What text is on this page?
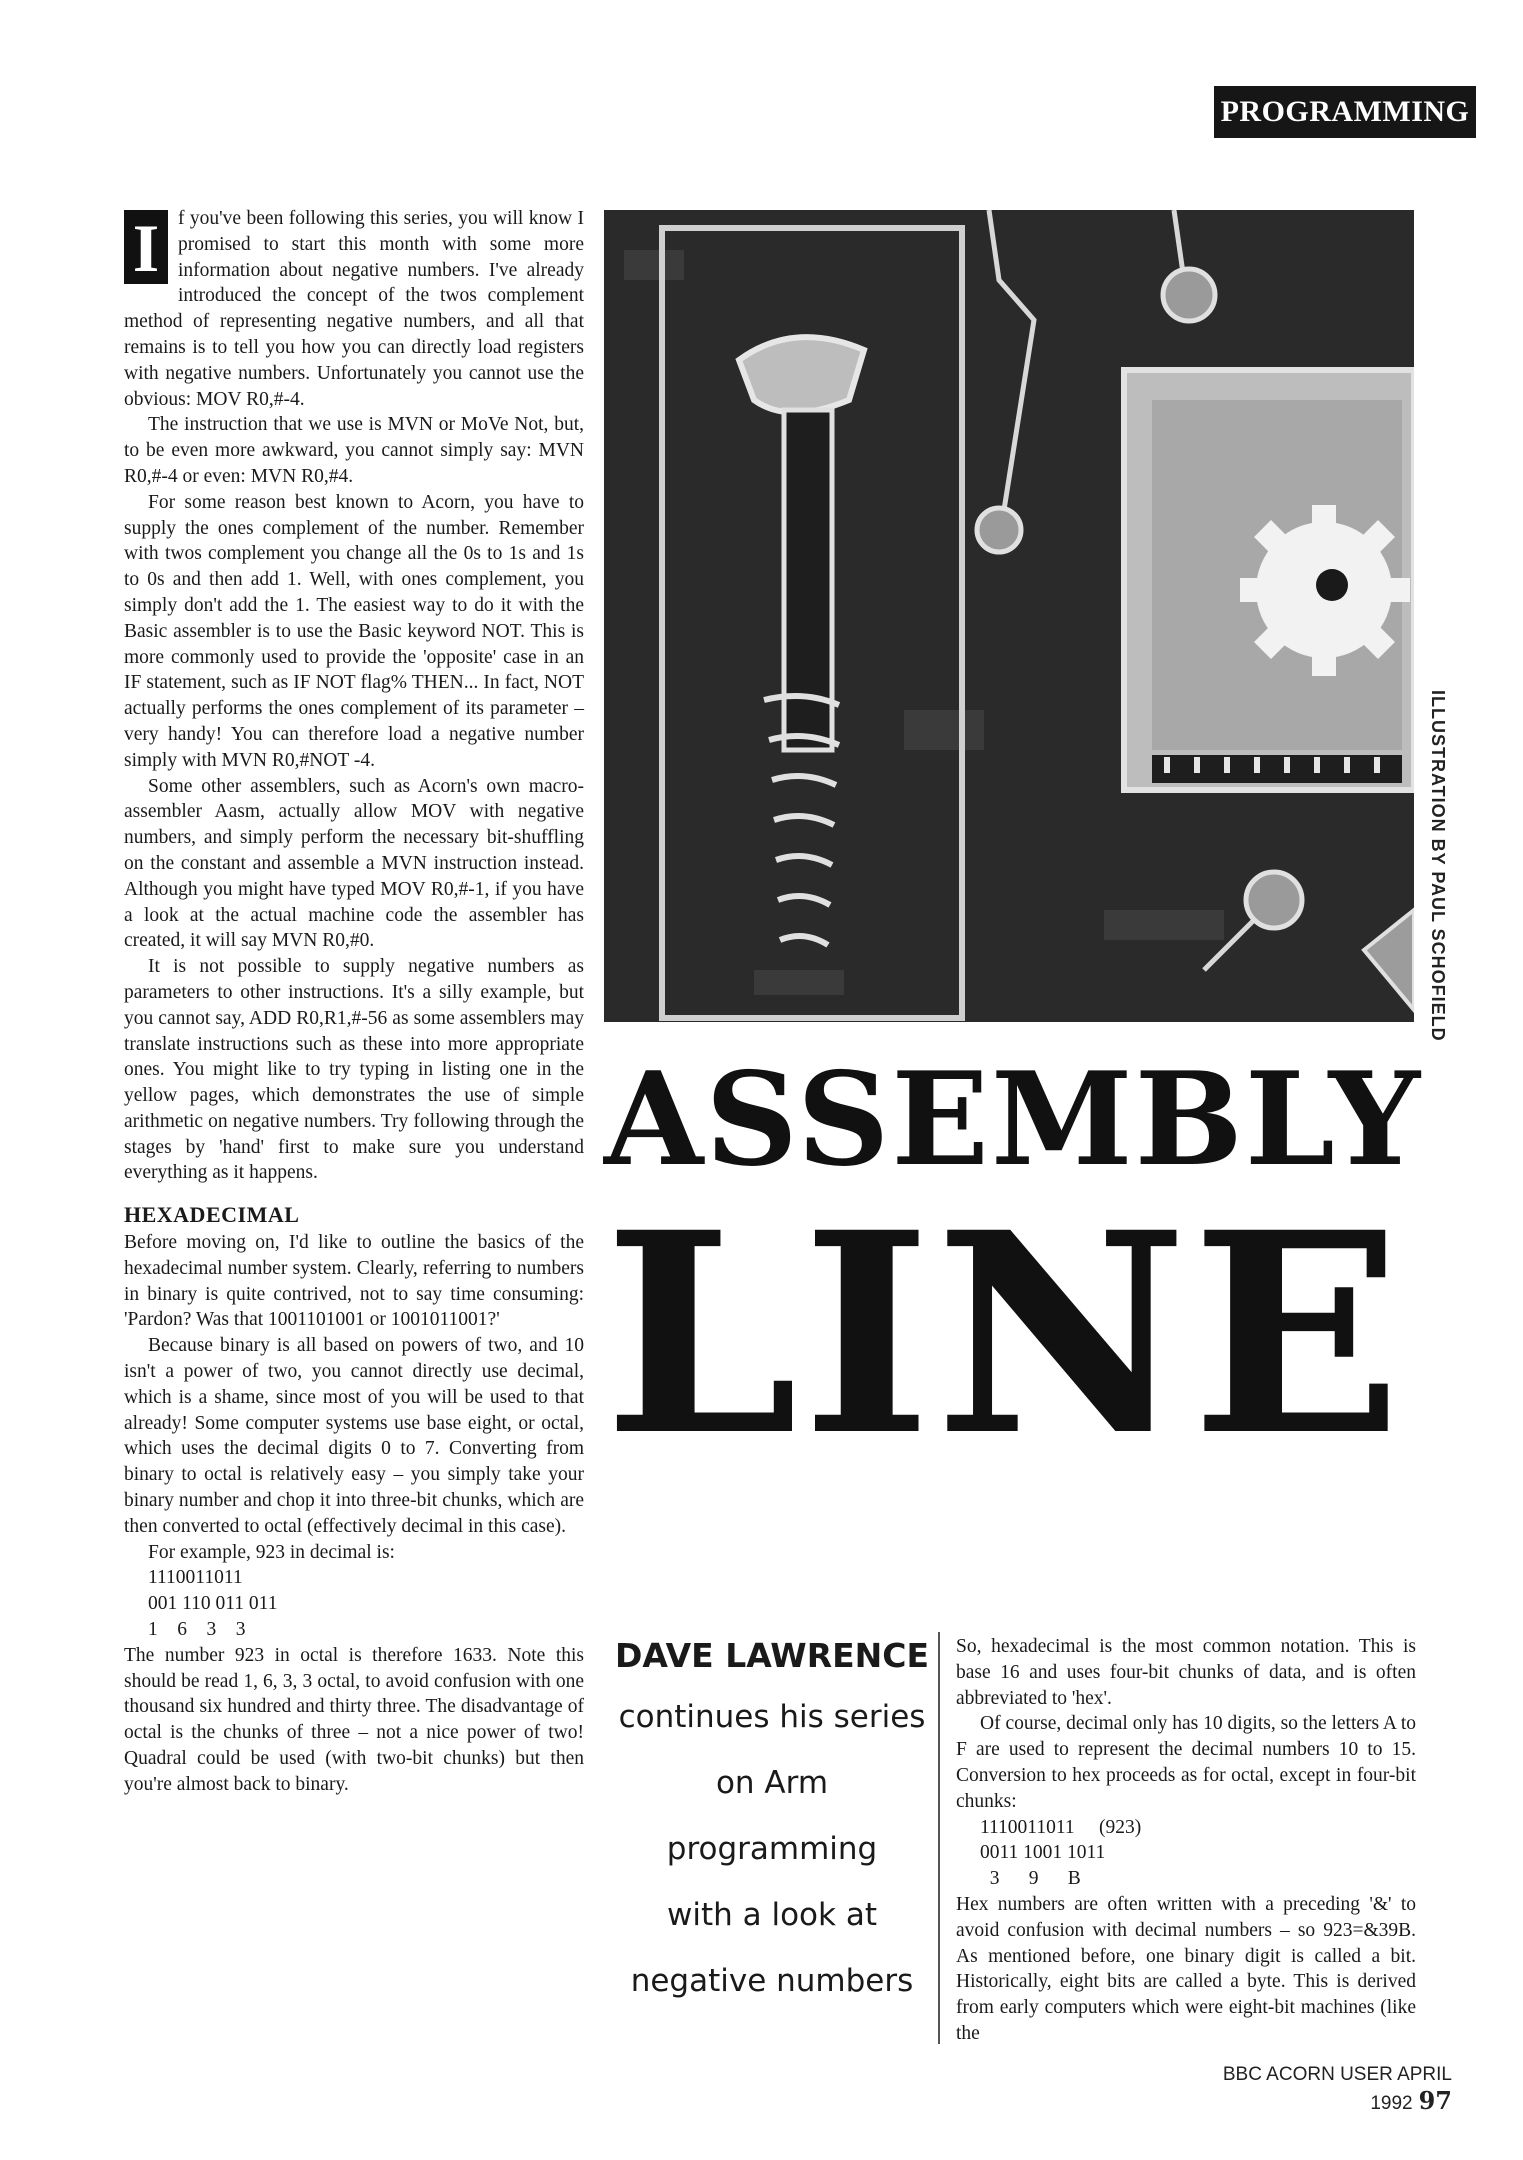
PROGRAMMING

I f you've been following this series, you will know I promised to start this month with some more information about negative numbers. I've already introduced the concept of the twos complement method of representing negative numbers, and all that remains is to tell you how you can directly load registers with negative numbers. Unfortunately you cannot use the obvious: MOV R0,#-4.

The instruction that we use is MVN or MoVe Not, but, to be even more awkward, you cannot simply say: MVN R0,#-4 or even: MVN R0,#4.

For some reason best known to Acorn, you have to supply the ones complement of the number. Remember with twos complement you change all the 0s to 1s and 1s to 0s and then add 1. Well, with ones complement, you simply don't add the 1. The easiest way to do it with the Basic assembler is to use the Basic keyword NOT. This is more commonly used to provide the 'opposite' case in an IF statement, such as IF NOT flag% THEN... In fact, NOT actually performs the ones complement of its parameter – very handy! You can therefore load a negative number simply with MVN R0,#NOT -4.

Some other assemblers, such as Acorn's own macro-assembler Aasm, actually allow MOV with negative numbers, and simply perform the necessary bit-shuffling on the constant and assemble a MVN instruction instead. Although you might have typed MOV R0,#-1, if you have a look at the actual machine code the assembler has created, it will say MVN R0,#0.

It is not possible to supply negative numbers as parameters to other instructions. It's a silly example, but you cannot say, ADD R0,R1,#-56 as some assemblers may translate instructions such as these into more appropriate ones. You might like to try typing in listing one in the yellow pages, which demonstrates the use of simple arithmetic on negative numbers. Try following through the stages by 'hand' first to make sure you understand everything as it happens.

HEXADECIMAL

Before moving on, I'd like to outline the basics of the hexadecimal number system. Clearly, referring to numbers in binary is quite contrived, not to say time consuming: 'Pardon? Was that 1001101001 or 1001011001?'

Because binary is all based on powers of two, and 10 isn't a power of two, you cannot directly use decimal, which is a shame, since most of you will be used to that already! Some computer systems use base eight, or octal, which uses the decimal digits 0 to 7. Converting from binary to octal is relatively easy – you simply take your binary number and chop it into three-bit chunks, which are then converted to octal (effectively decimal in this case).

For example, 923 in decimal is:

1110011011
001 110 011 011
1    6    3    3

The number 923 in octal is therefore 1633. Note this should be read 1, 6, 3, 3 octal, to avoid confusion with one thousand six hundred and thirty three. The disadvantage of octal is the chunks of three – not a nice power of two! Quadral could be used (with two-bit chunks) but then you're almost back to binary.

ILLUSTRATION BY PAUL SCHOFIELD
ASSEMBLY
LINE
DAVE LAWRENCE
continues his series
on Arm
programming
with a look at
negative numbers

So, hexadecimal is the most common notation. This is base 16 and uses four-bit chunks of data, and is often abbreviated to 'hex'.

Of course, decimal only has 10 digits, so the letters A to F are used to represent the decimal numbers 10 to 15. Conversion to hex proceeds as for octal, except in four-bit chunks:

1110011011     (923)
0011 1001 1011
3      9      B

Hex numbers are often written with a preceding '&' to avoid confusion with decimal numbers – so 923=&39B. As mentioned before, one binary digit is called a bit. Historically, eight bits are called a byte. This is derived from early computers which were eight-bit machines (like the

BBC ACORN USER APRIL 1992 97
